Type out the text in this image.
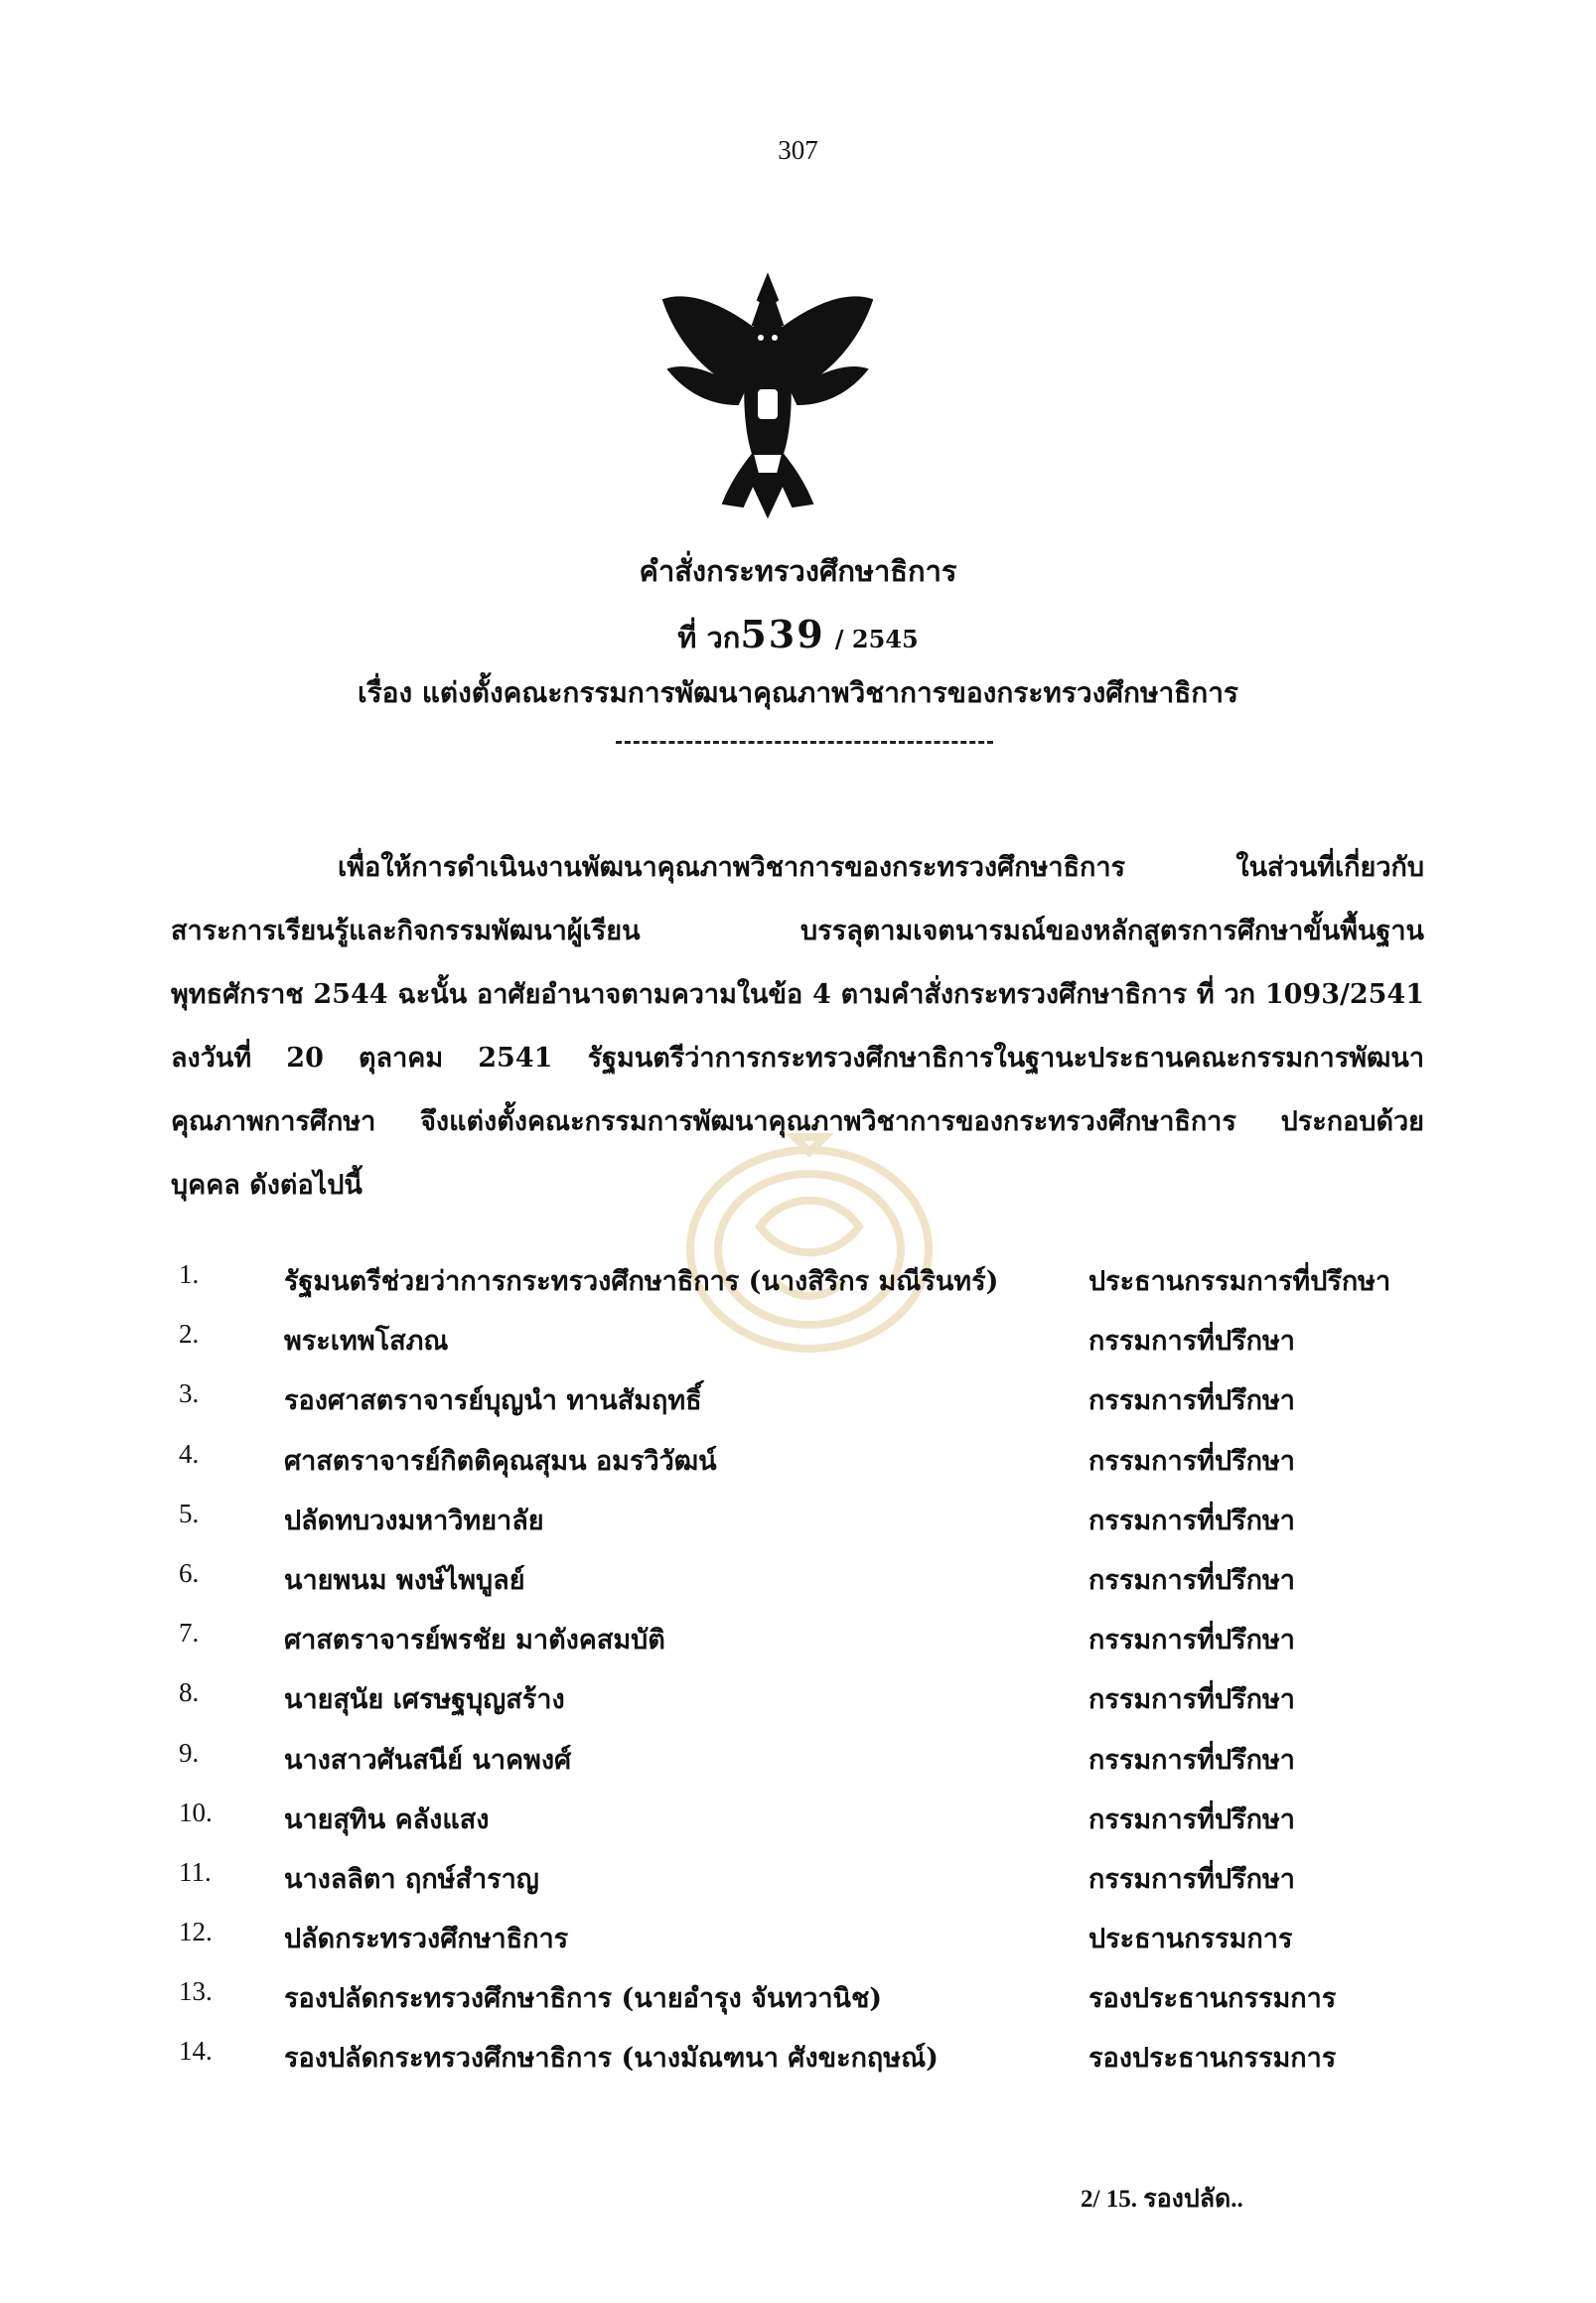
307
คำสั่งกระทรวงศึกษาธิการ
ที่ วก539 / 2545
เรื่อง แต่งตั้งคณะกรรมการพัฒนาคุณภาพวิชาการของกระทรวงศึกษาธิการ
เพื่อให้การดำเนินงานพัฒนาคุณภาพวิชาการของกระทรวงศึกษาธิการ ในส่วนที่เกี่ยวกับ
สาระการเรียนรู้และกิจกรรมพัฒนาผู้เรียน บรรลุตามเจตนารมณ์ของหลักสูตรการศึกษาขั้นพื้นฐาน
พุทธศักราช 2544 ฉะนั้น อาศัยอำนาจตามความในข้อ 4 ตามคำสั่งกระทรวงศึกษาธิการ ที่ วก 1093/2541
ลงวันที่ 20 ตุลาคม 2541 รัฐมนตรีว่าการกระทรวงศึกษาธิการในฐานะประธานคณะกรรมการพัฒนา
คุณภาพการศึกษา จึงแต่งตั้งคณะกรรมการพัฒนาคุณภาพวิชาการของกระทรวงศึกษาธิการ ประกอบด้วย
บุคคล ดังต่อไปนี้
1.	รัฐมนตรีช่วยว่าการกระทรวงศึกษาธิการ (นางสิริกร มณีรินทร์)	ประธานกรรมการที่ปรึกษา
2.	พระเทพโสภณ	กรรมการที่ปรึกษา
3.	รองศาสตราจารย์บุญนำ ทานสัมฤทธิ์	กรรมการที่ปรึกษา
4.	ศาสตราจารย์กิตติคุณสุมน อมรวิวัฒน์	กรรมการที่ปรึกษา
5.	ปลัดทบวงมหาวิทยาลัย	กรรมการที่ปรึกษา
6.	นายพนม พงษ์ไพบูลย์	กรรมการที่ปรึกษา
7.	ศาสตราจารย์พรชัย มาตังคสมบัติ	กรรมการที่ปรึกษา
8.	นายสุนัย เศรษฐบุญสร้าง	กรรมการที่ปรึกษา
9.	นางสาวศันสนีย์ นาคพงศ์	กรรมการที่ปรึกษา
10.	นายสุทิน คลังแสง	กรรมการที่ปรึกษา
11.	นางลลิตา ฤกษ์สำราญ	กรรมการที่ปรึกษา
12.	ปลัดกระทรวงศึกษาธิการ	ประธานกรรมการ
13.	รองปลัดกระทรวงศึกษาธิการ (นายอำรุง จันทวานิช)	รองประธานกรรมการ
14.	รองปลัดกระทรวงศึกษาธิการ (นางมัณฑนา ศังขะกฤษณ์)	รองประธานกรรมการ
2/ 15. รองปลัด..
